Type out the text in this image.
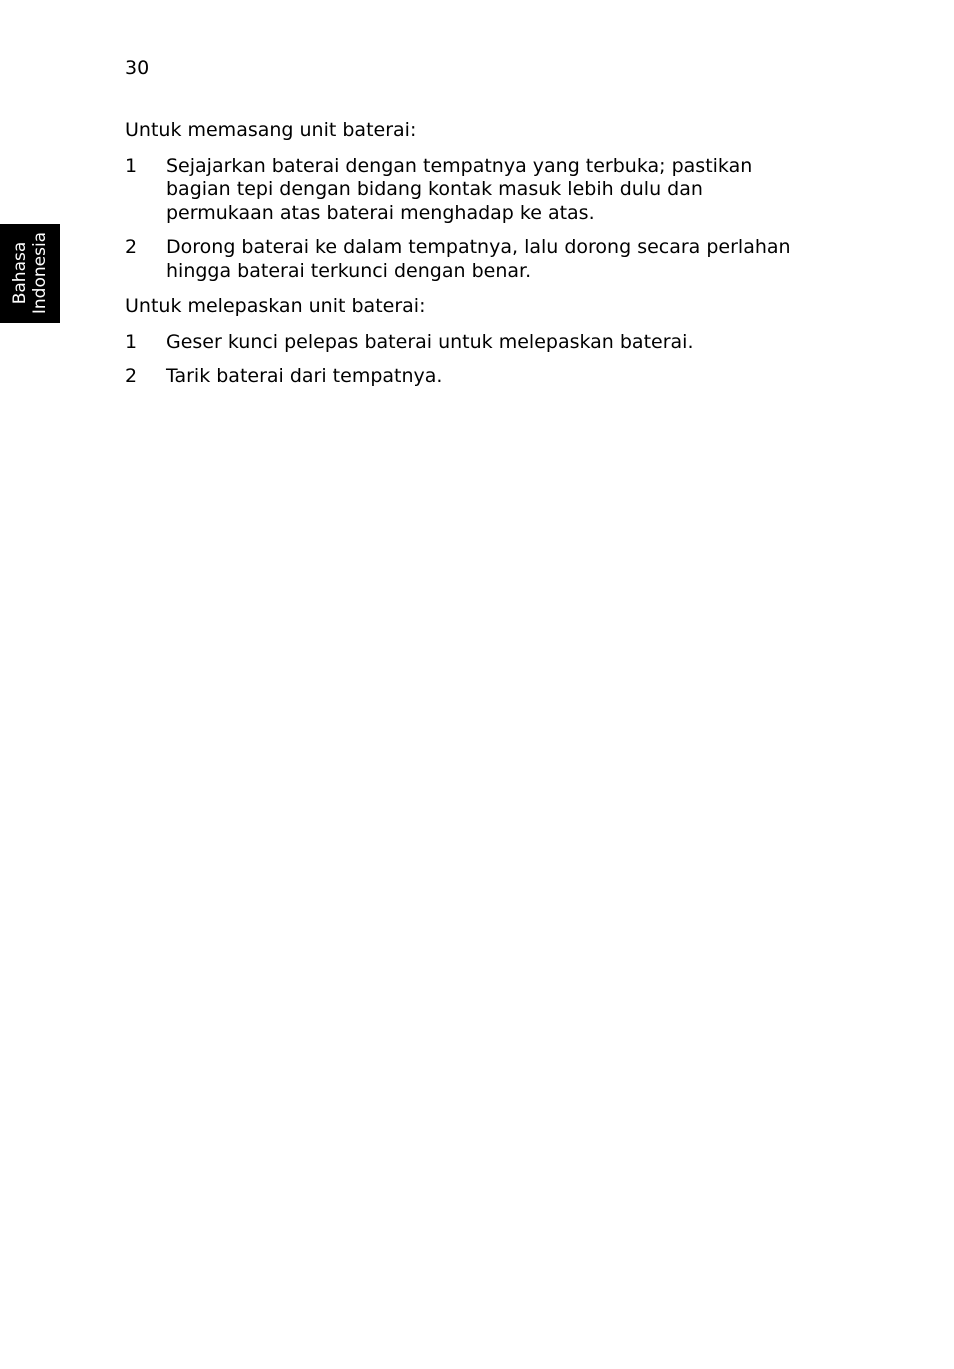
30
Bahasa Indonesia

Untuk memasang unit baterai:

1	Sejajarkan baterai dengan tempatnya yang terbuka; pastikan
bagian tepi dengan bidang kontak masuk lebih dulu dan
permukaan atas baterai menghadap ke atas.
2	Dorong baterai ke dalam tempatnya, lalu dorong secara perlahan
hingga baterai terkunci dengan benar.

Untuk melepaskan unit baterai:

1	Geser kunci pelepas baterai untuk melepaskan baterai.
2	Tarik baterai dari tempatnya.
